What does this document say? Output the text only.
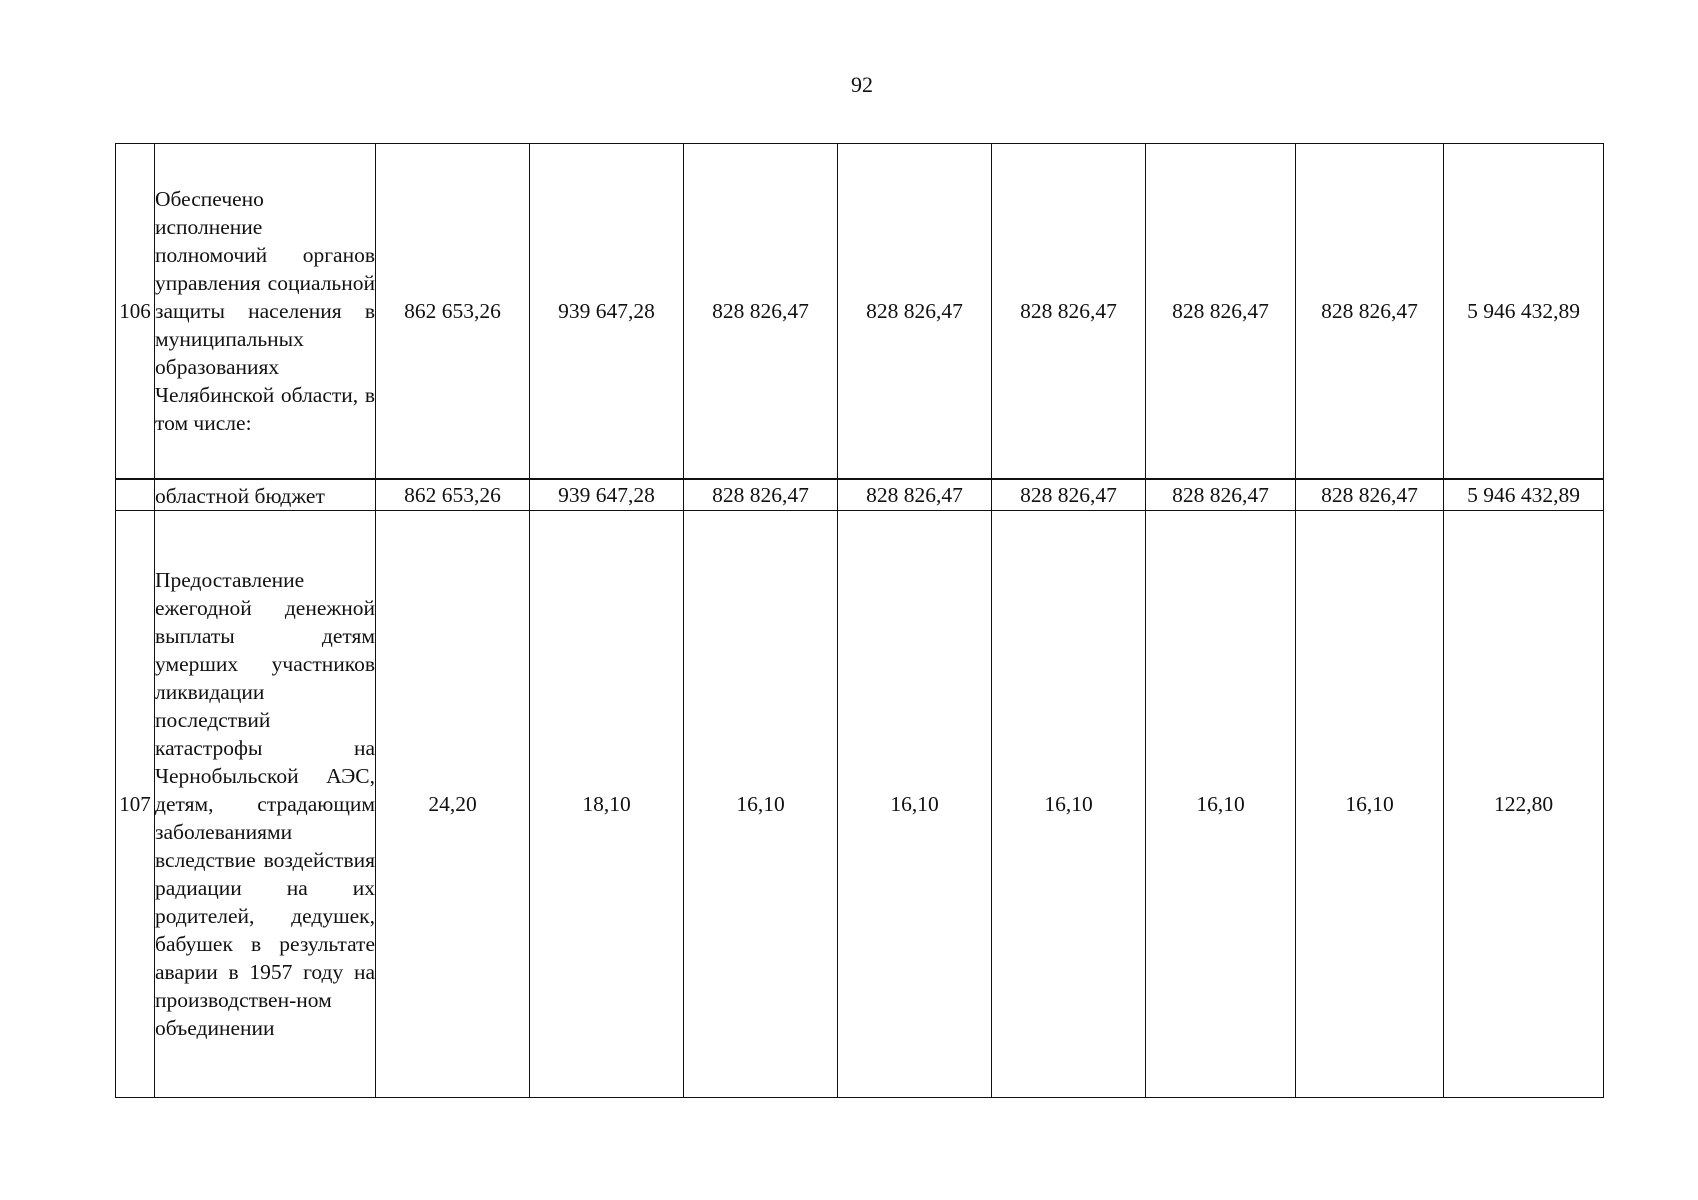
92
106	Обеспечено исполнение полномочий органов управления социальной защиты населения в муниципальных образованиях Челябинской области, в том числе:	862 653,26	939 647,28	828 826,47	828 826,47	828 826,47	828 826,47	828 826,47	5 946 432,89
	областной бюджет	862 653,26	939 647,28	828 826,47	828 826,47	828 826,47	828 826,47	828 826,47	5 946 432,89
107	Предоставление ежегодной денежной выплаты детям умерших участников ликвидации последствий катастрофы на Чернобыльской АЭС, детям, страдающим заболеваниями вследствие воздействия радиации на их родителей, дедушек, бабушек в результате аварии в 1957 году на производствен-ном объединении	24,20	18,10	16,10	16,10	16,10	16,10	16,10	122,80
